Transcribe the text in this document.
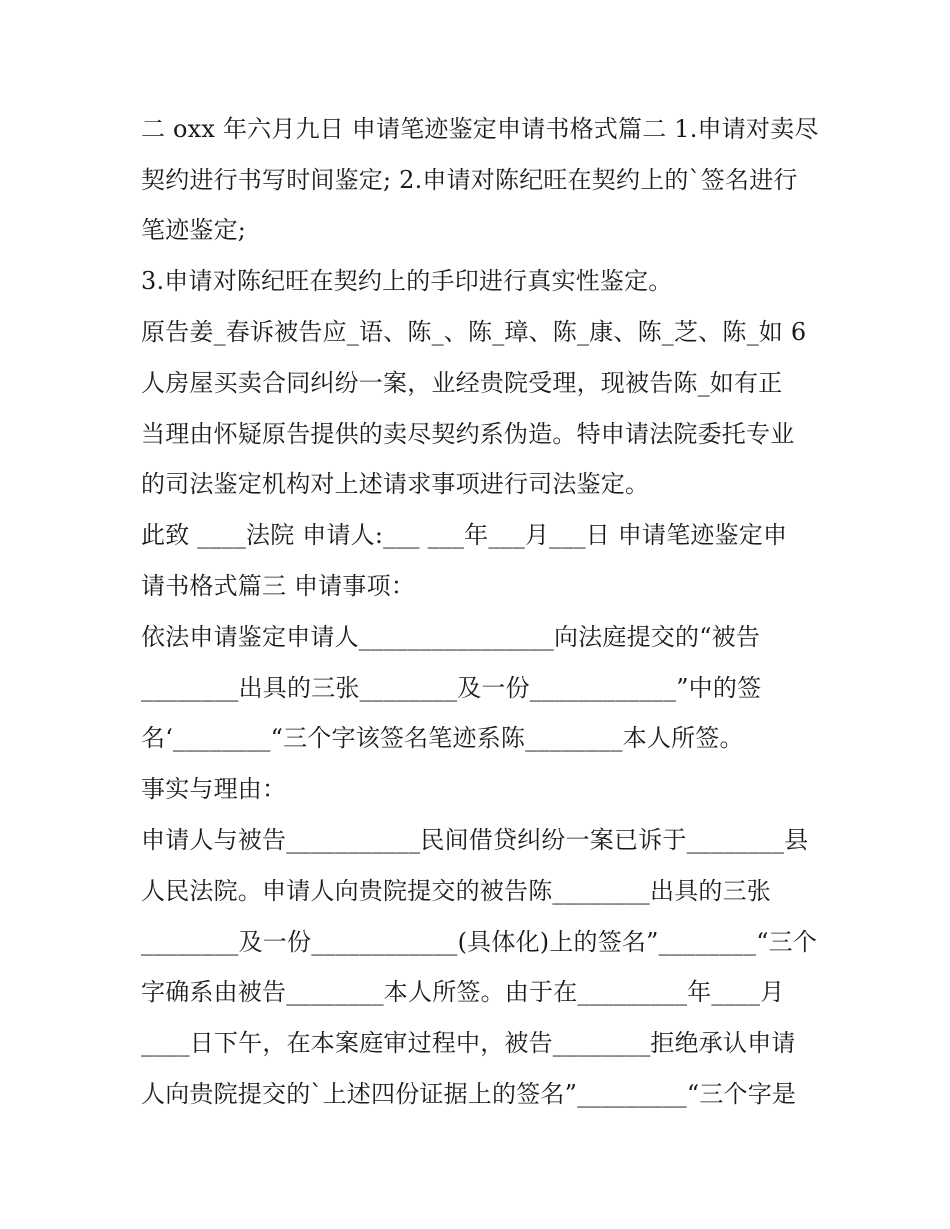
二 oxx 年六月九日 申请笔迹鉴定申请书格式篇二 1.申请对卖尽
契约进行书写时间鉴定; 2.申请对陈纪旺在契约上的`签名进行
笔迹鉴定;
3.申请对陈纪旺在契约上的手印进行真实性鉴定。
原告姜_春诉被告应_语、陈_、陈_璋、陈_康、陈_芝、陈_如 6
人房屋买卖合同纠纷一案，业经贵院受理，现被告陈_如有正
当理由怀疑原告提供的卖尽契约系伪造。特申请法院委托专业
的司法鉴定机构对上述请求事项进行司法鉴定。
此致 ____法院 申请人:___ ___年___月___日 申请笔迹鉴定申
请书格式篇三 申请事项：
依法申请鉴定申请人________________向法庭提交的“被告
________出具的三张________及一份____________”中的签
名‘________“三个字该签名笔迹系陈________本人所签。
事实与理由：
申请人与被告___________民间借贷纠纷一案已诉于________县
人民法院。申请人向贵院提交的被告陈________出具的三张
________及一份____________(具体化)上的签名”________“三个
字确系由被告________本人所签。由于在_________年____月
____日下午，在本案庭审过程中，被告________拒绝承认申请
人向贵院提交的`上述四份证据上的签名”_________“三个字是
